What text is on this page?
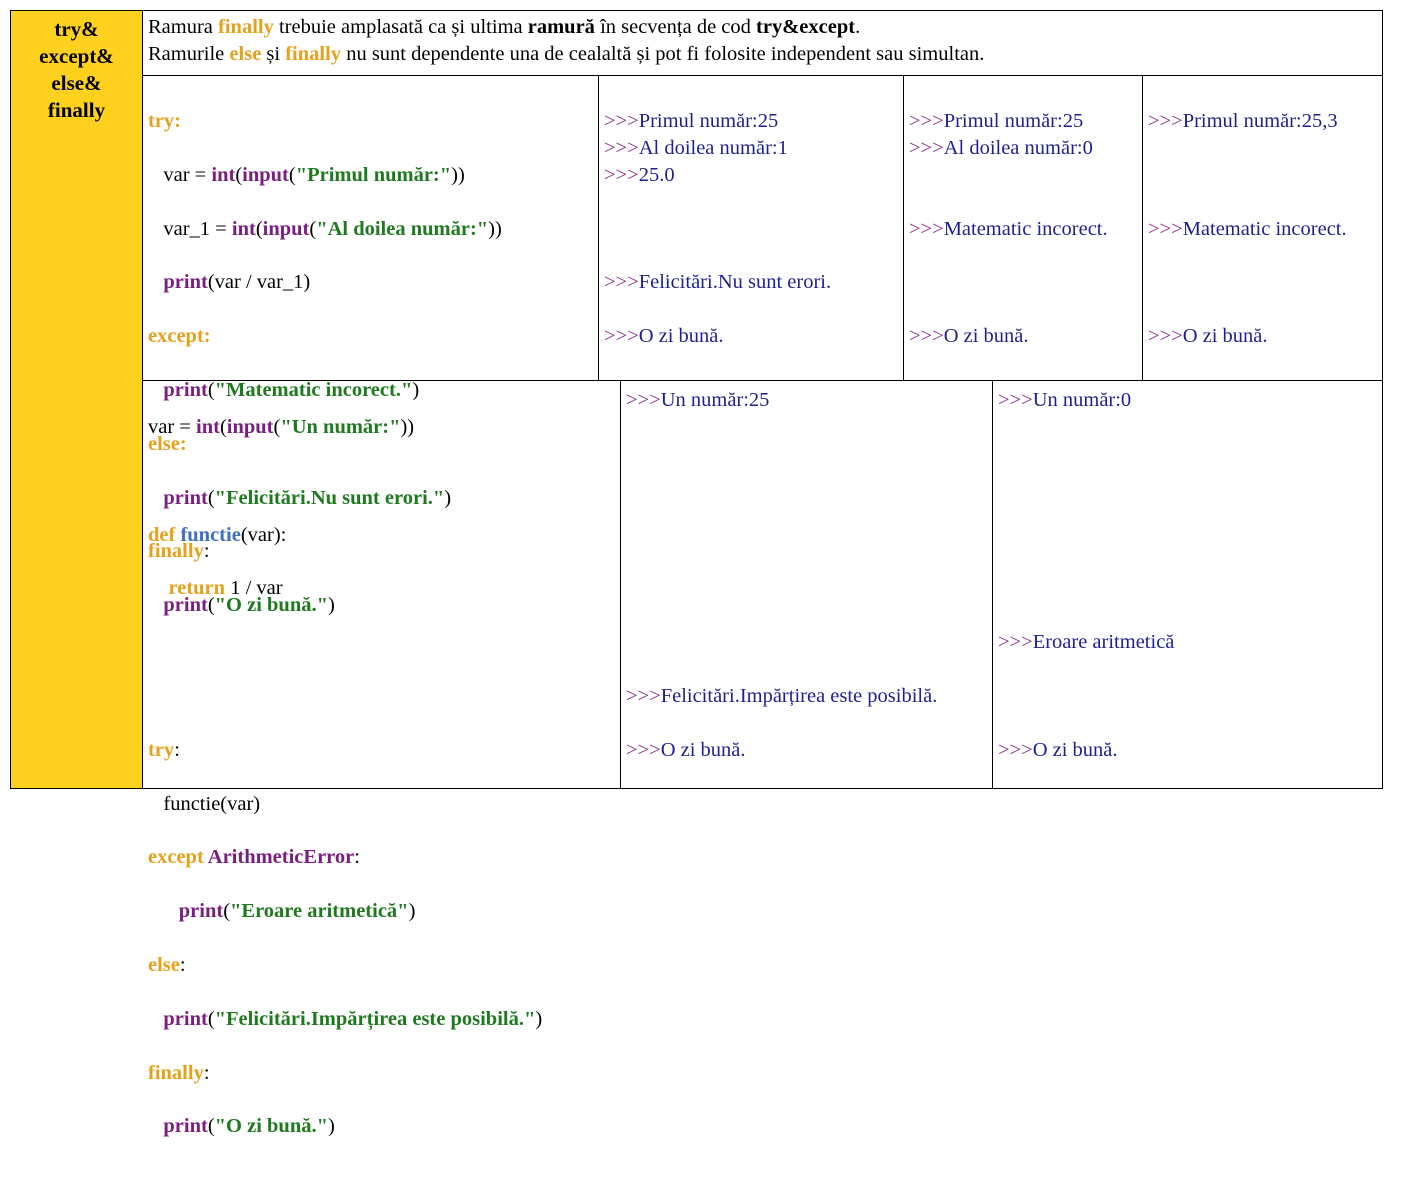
try&
except&
else&
finally
Ramura finally trebuie amplasată ca și ultima ramură în secvența de cod try&except.
Ramurile else și finally nu sunt dependente una de cealaltă și pot fi folosite independent sau simultan.

try:

var = int(input("Primul număr:"))

var_1 = int(input("Al doilea număr:"))

print(var / var_1)

except:

print("Matematic incorect.")

else:

print("Felicitări.Nu sunt erori.")

finally:

print("O zi bună.")

>>>Primul număr:25
>>>Al doilea număr:1
>>>25.0
>>>Felicitări.Nu sunt erori.
>>>O zi bună.
>>>Primul număr:25
>>>Al doilea număr:0
>>>Matematic incorect.
>>>O zi bună.
>>>Primul număr:25,3
>>>Matematic incorect.
>>>O zi bună.

var = int(input("Un număr:"))

def functie(var):

return 1 / var

try:

functie(var)

except ArithmeticError:

print("Eroare aritmetică")

else:

print("Felicitări.Impărțirea este posibilă.")

finally:

print("O zi bună.")

>>>Un număr:25
>>>Felicitări.Impărțirea este posibilă.
>>>O zi bună.
>>>Un număr:0
>>>Eroare aritmetică
>>>O zi bună.
